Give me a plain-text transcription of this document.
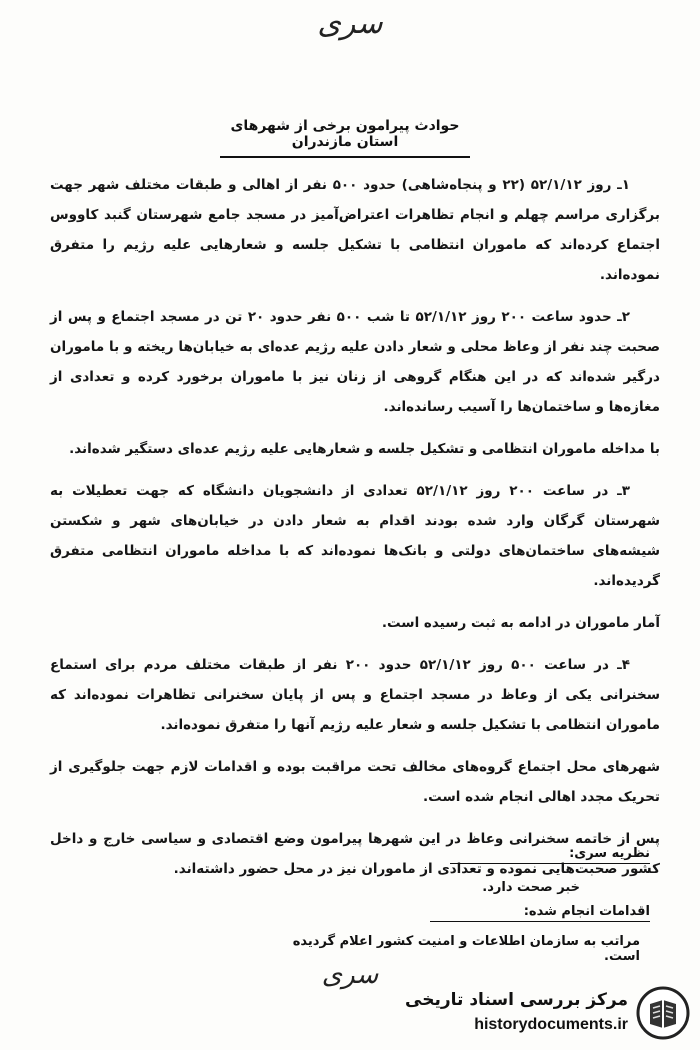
سری
حوادث پیرامون برخی از شهرهای استان مازندران

۱ـ روز ۵۲/۱/۱۲ (۲۲ و پنجاه‌شاهی) حدود ۵۰۰ نفر از اهالی و طبقات مختلف شهر جهت برگزاری مراسم چهلم و انجام تظاهرات اعتراض‌آمیز در مسجد جامع شهرستان گنبد کاووس اجتماع کرده‌اند که ماموران انتظامی با تشکیل جلسه و شعارهایی علیه رژیم را متفرق نموده‌اند.

۲ـ حدود ساعت ۲۰۰ روز ۵۲/۱/۱۲ تا شب ۵۰۰ نفر حدود ۲۰ تن در مسجد اجتماع و پس از صحبت چند نفر از وعاظ محلی و شعار دادن علیه رژیم عده‌ای به خیابان‌ها ریخته و با ماموران درگیر شده‌اند که در این هنگام گروهی از زنان نیز با ماموران برخورد کرده و تعدادی از مغازه‌ها و ساختمان‌ها را آسیب رسانده‌اند.

با مداخله ماموران انتظامی و تشکیل جلسه و شعارهایی علیه رژیم عده‌ای دستگیر شده‌اند.

۳ـ در ساعت ۲۰۰ روز ۵۲/۱/۱۲ تعدادی از دانشجویان دانشگاه که جهت تعطیلات به شهرستان گرگان وارد شده بودند اقدام به شعار دادن در خیابان‌های شهر و شکستن شیشه‌های ساختمان‌های دولتی و بانک‌ها نموده‌اند که با مداخله ماموران انتظامی متفرق گردیده‌اند.

آمار ماموران در ادامه به ثبت رسیده است.

۴ـ در ساعت ۵۰۰ روز ۵۲/۱/۱۲ حدود ۲۰۰ نفر از طبقات مختلف مردم برای استماع سخنرانی یکی از وعاظ در مسجد اجتماع و پس از پایان سخنرانی تظاهرات نموده‌اند که ماموران انتظامی با تشکیل جلسه و شعار علیه رژیم آنها را متفرق نموده‌اند.

شهرهای محل اجتماع گروه‌های مخالف تحت مراقبت بوده و اقدامات لازم جهت جلوگیری از تحریک مجدد اهالی انجام شده است.

پس از خاتمه سخنرانی وعاظ در این شهرها پیرامون وضع اقتصادی و سیاسی خارج و داخل کشور صحبت‌هایی نموده و تعدادی از ماموران نیز در محل حضور داشته‌اند.

نظریه سری:
خبر صحت دارد.
اقدامات انجام شده:
مراتب به سازمان اطلاعات و امنیت کشور اعلام گردیده است.
سری
مرکز بررسی اسناد تاریخی
historydocuments.ir
